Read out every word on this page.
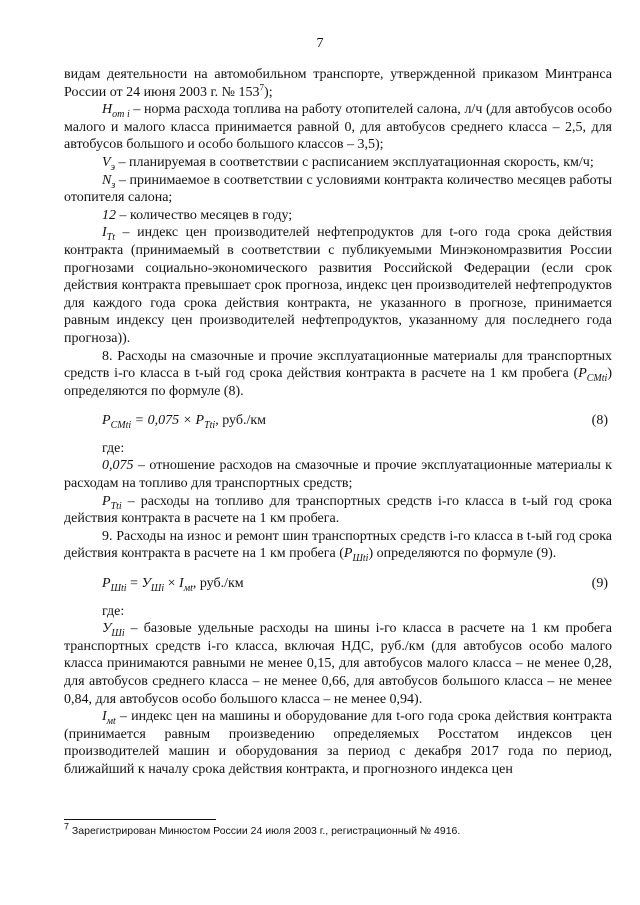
7

видам деятельности на автомобильном транспорте, утвержденной приказом Минтранса России от 24 июня 2003 г. № $153^7$);

$H_{от i}$ – норма расхода топлива на работу отопителей салона, л/ч (для автобусов особо малого и малого класса принимается равной 0, для автобусов среднего класса – 2,5, для автобусов большого и особо большого классов – 3,5);

$V_э$ – планируемая в соответствии с расписанием эксплуатационная скорость, км/ч;

$N_з$ – принимаемое в соответствии с условиями контракта количество месяцев работы отопителя салона;

12 – количество месяцев в году;

$I_{Tt}$ – индекс цен производителей нефтепродуктов для t-ого года срока действия контракта (принимаемый в соответствии с публикуемыми Минэкономразвития России прогнозами социально-экономического развития Российской Федерации (если срок действия контракта превышает срок прогноза, индекс цен производителей нефтепродуктов для каждого года срока действия контракта, не указанного в прогнозе, принимается равным индексу цен производителей нефтепродуктов, указанному для последнего года прогноза)).

8. Расходы на смазочные и прочие эксплуатационные материалы для транспортных средств i-го класса в t-ый год срока действия контракта в расчете на 1 км пробега $(P_{СМti})$ определяются по формуле (8).

$P_{СМti} = 0,075 \times P_{Tti}$, руб./км	(8)

где:

0,075 – отношение расходов на смазочные и прочие эксплуатационные материалы к расходам на топливо для транспортных средств;

$P_{Tti}$ – расходы на топливо для транспортных средств i-го класса в t-ый год срока действия контракта в расчете на 1 км пробега.

9. Расходы на износ и ремонт шин транспортных средств i-го класса в t-ый год срока действия контракта в расчете на 1 км пробега $(P_{Шti})$ определяются по формуле (9).

$P_{Шti} = У_{Шi} \times I_{мt}$, руб./км	(9)

где:

$У_{Шi}$ – базовые удельные расходы на шины i-го класса в расчете на 1 км пробега транспортных средств i-го класса, включая НДС, руб./км (для автобусов особо малого класса принимаются равными не менее 0,15, для автобусов малого класса – не менее 0,28, для автобусов среднего класса – не менее 0,66, для автобусов большого класса – не менее 0,84, для автобусов особо большого класса – не менее 0,94).

$I_{мt}$ – индекс цен на машины и оборудование для t-ого года срока действия контракта (принимается равным произведению определяемых Росстатом индексов цен производителей машин и оборудования за период с декабря 2017 года по период, ближайший к началу срока действия контракта, и прогнозного индекса цен

$^7$ Зарегистрирован Минюстом России 24 июля 2003 г., регистрационный № 4916.
